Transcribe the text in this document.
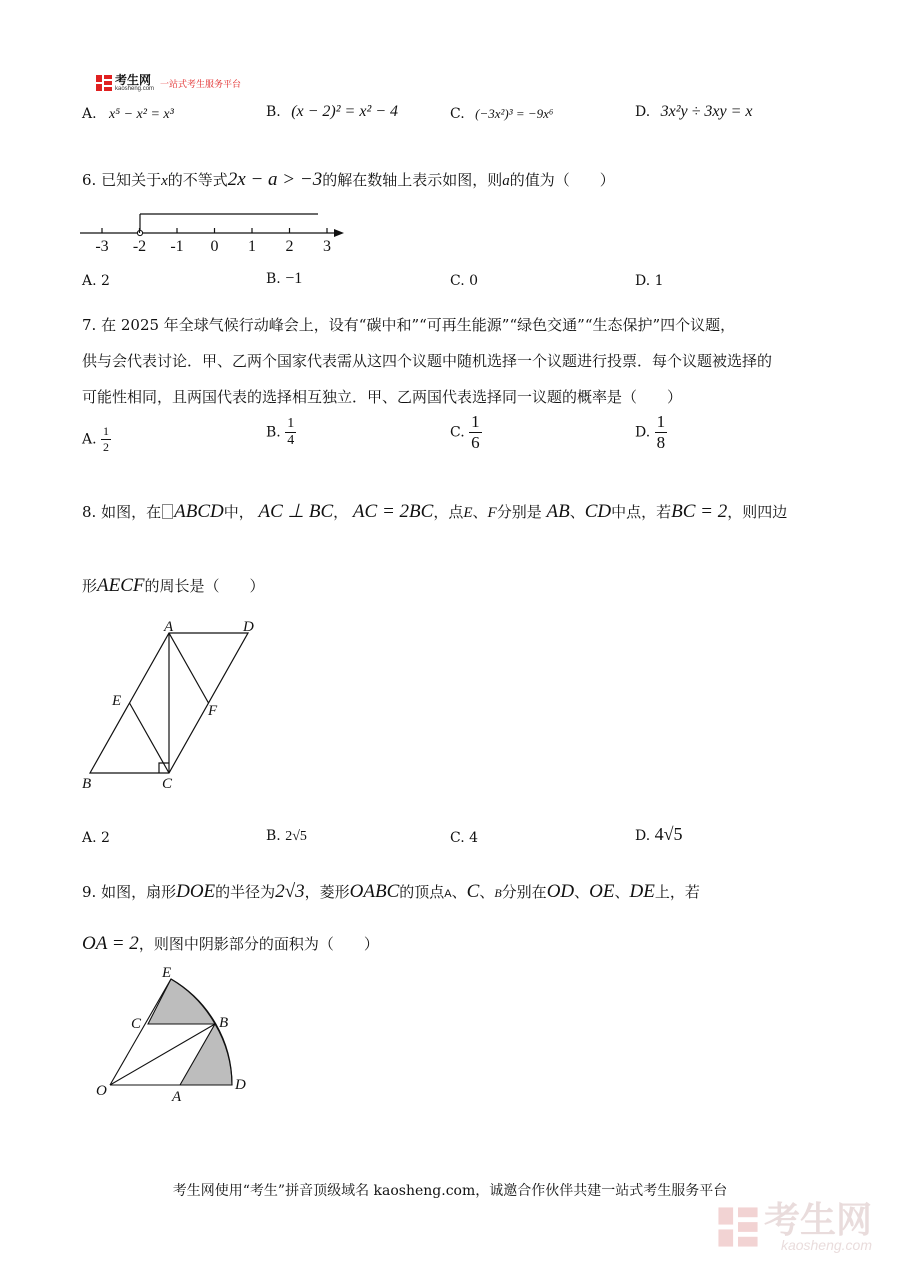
考生网
kaosheng.com
一站式考生服务平台
A. x⁵ − x² = x³	B. (x − 2)² = x² − 4	C. (−3x²)³ = −9x⁶	D. 3x²y ÷ 3xy = x
6. 已知关于x的不等式2x − a > −3的解在数轴上表示如图，则a的值为（　　）
-3 -2 -1 0 1 2 3
A. 2	B. −1	C. 0	D. 1
7. 在 2025 年全球气候行动峰会上，设有“碳中和”“可再生能源”“绿色交通”“生态保护”四个议题，
供与会代表讨论．甲、乙两个国家代表需从这四个议题中随机选择一个议题进行投票．每个议题被选择的
可能性相同，且两国代表的选择相互独立．甲、乙两国代表选择同一议题的概率是（　　）
A. $\frac{1}{2}$	B. $\frac{1}{4}$	C. $\frac{1}{6}$	D. $\frac{1}{8}$
8. 如图，在 ABCD中， AC ⊥ BC， AC = 2BC，点E、F分别是 AB、CD中点，若BC = 2，则四边
形AECF的周长是（　　）
A	D
E
F
B	C
A. 2	B. 2√5	C. 4	D. 4√5
9. 如图，扇形DOE的半径为2√3，菱形OABC的顶点A、C、B分别在OD、OE、DE上，若
OA = 2，则图中阴影部分的面积为（　　）
E
C	B
O	A
D
考生网使用“考生”拼音顶级域名 kaosheng.com，诚邀合作伙伴共建一站式考生服务平台
考生网
kaosheng.com
